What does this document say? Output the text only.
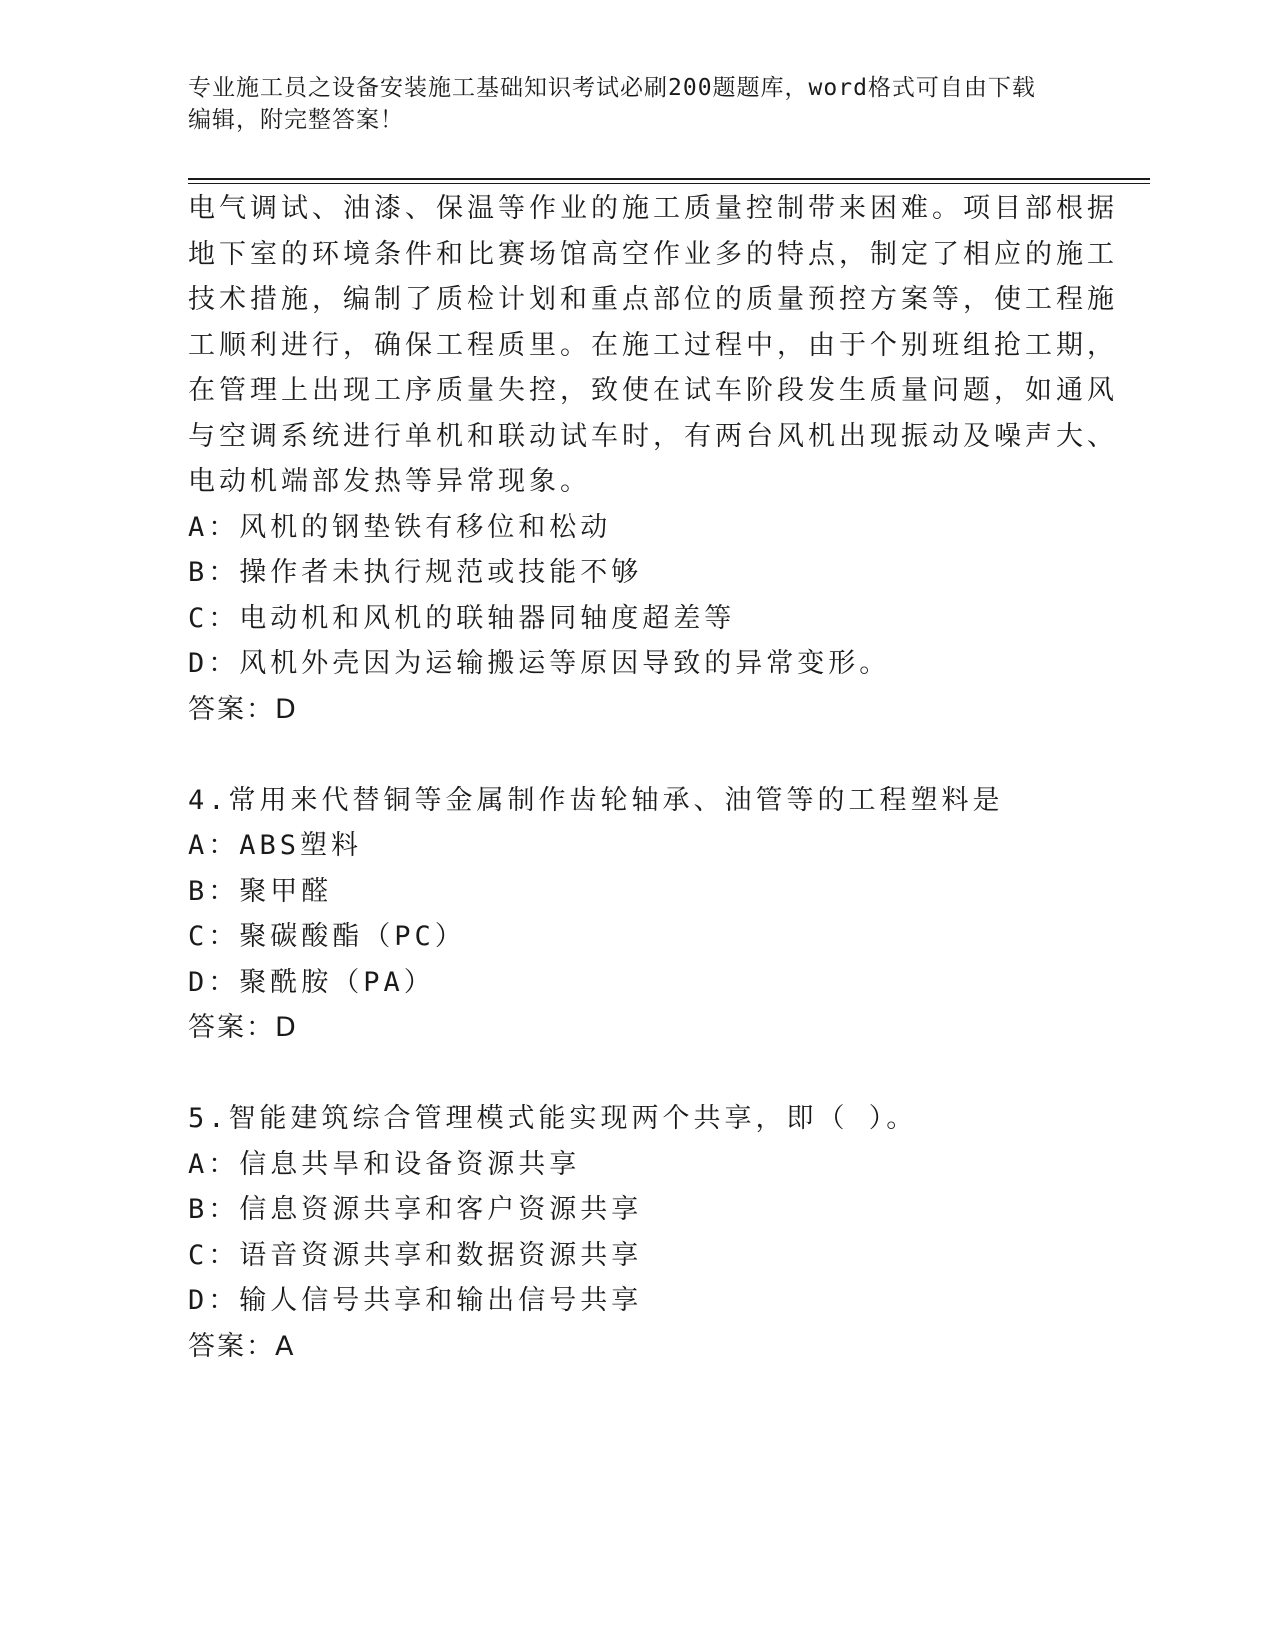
专业施工员之设备安装施工基础知识考试必刷200题题库，word格式可自由下载
编辑，附完整答案！
电气调试、油漆、保温等作业的施工质量控制带来困难。项目部根据
地下室的环境条件和比赛场馆高空作业多的特点，制定了相应的施工
技术措施，编制了质检计划和重点部位的质量预控方案等，使工程施
工顺利进行，确保工程质里。在施工过程中，由于个别班组抢工期，
在管理上出现工序质量失控，致使在试车阶段发生质量问题，如通风
与空调系统进行单机和联动试车时，有两台风机出现振动及噪声大、
电动机端部发热等异常现象。
A：风机的钢垫铁有移位和松动
B：操作者未执行规范或技能不够
C：电动机和风机的联轴器同轴度超差等
D：风机外壳因为运输搬运等原因导致的异常变形。
答案：D
4.常用来代替铜等金属制作齿轮轴承、油管等的工程塑料是
A：ABS塑料
B：聚甲醛
C：聚碳酸酯（PC）
D：聚酰胺（PA）
答案：D
5.智能建筑综合管理模式能实现两个共享，即（ ）。
A：信息共旱和设备资源共享
B：信息资源共享和客户资源共享
C：语音资源共享和数据资源共享
D：输人信号共享和输出信号共享
答案：A
